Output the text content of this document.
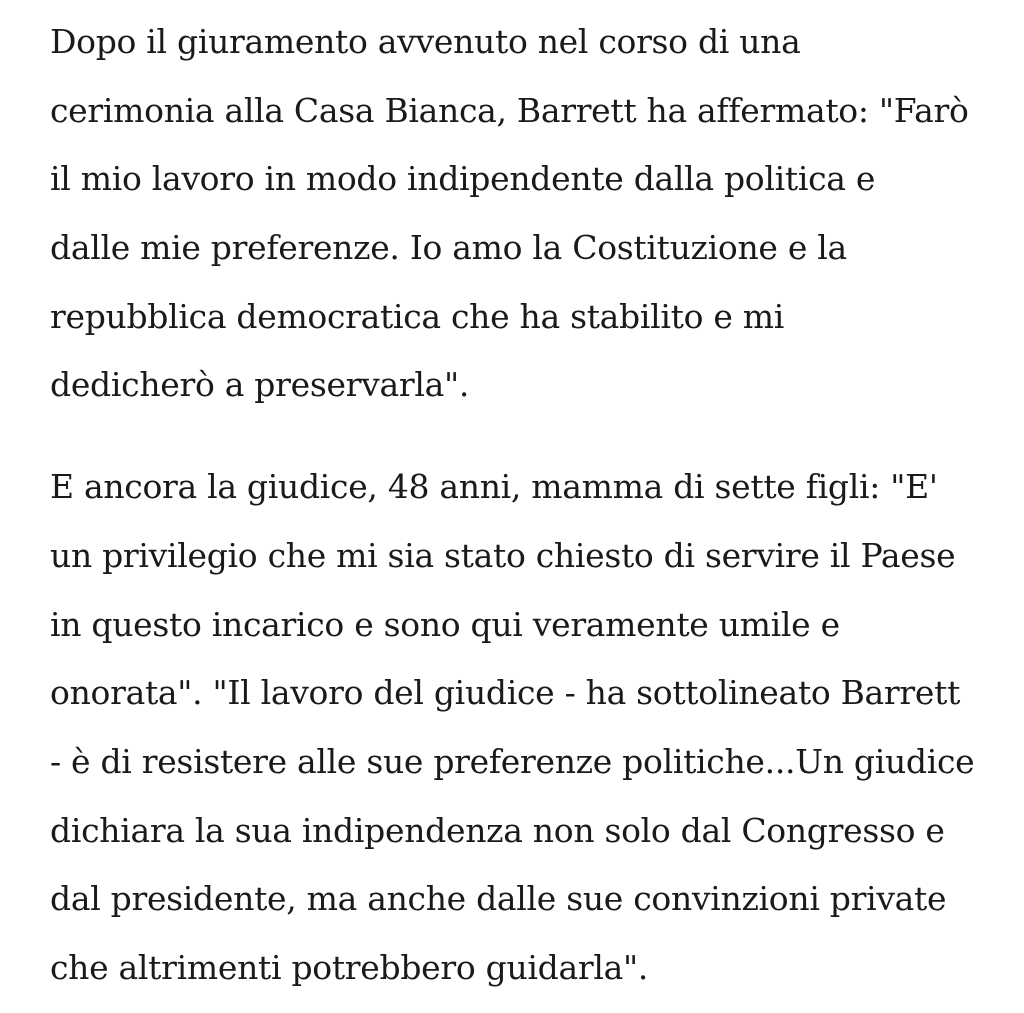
Dopo il giuramento avvenuto nel corso di una
cerimonia alla Casa Bianca, Barrett ha affermato: "Farò
il mio lavoro in modo indipendente dalla politica e
dalle mie preferenze. Io amo la Costituzione e la
repubblica democratica che ha stabilito e mi
dedicherò a preservarla".
E ancora la giudice, 48 anni, mamma di sette figli: "E'
un privilegio che mi sia stato chiesto di servire il Paese
in questo incarico e sono qui veramente umile e
onorata". "Il lavoro del giudice - ha sottolineato Barrett
- è di resistere alle sue preferenze politiche...Un giudice
dichiara la sua indipendenza non solo dal Congresso e
dal presidente, ma anche dalle sue convinzioni private
che altrimenti potrebbero guidarla".
